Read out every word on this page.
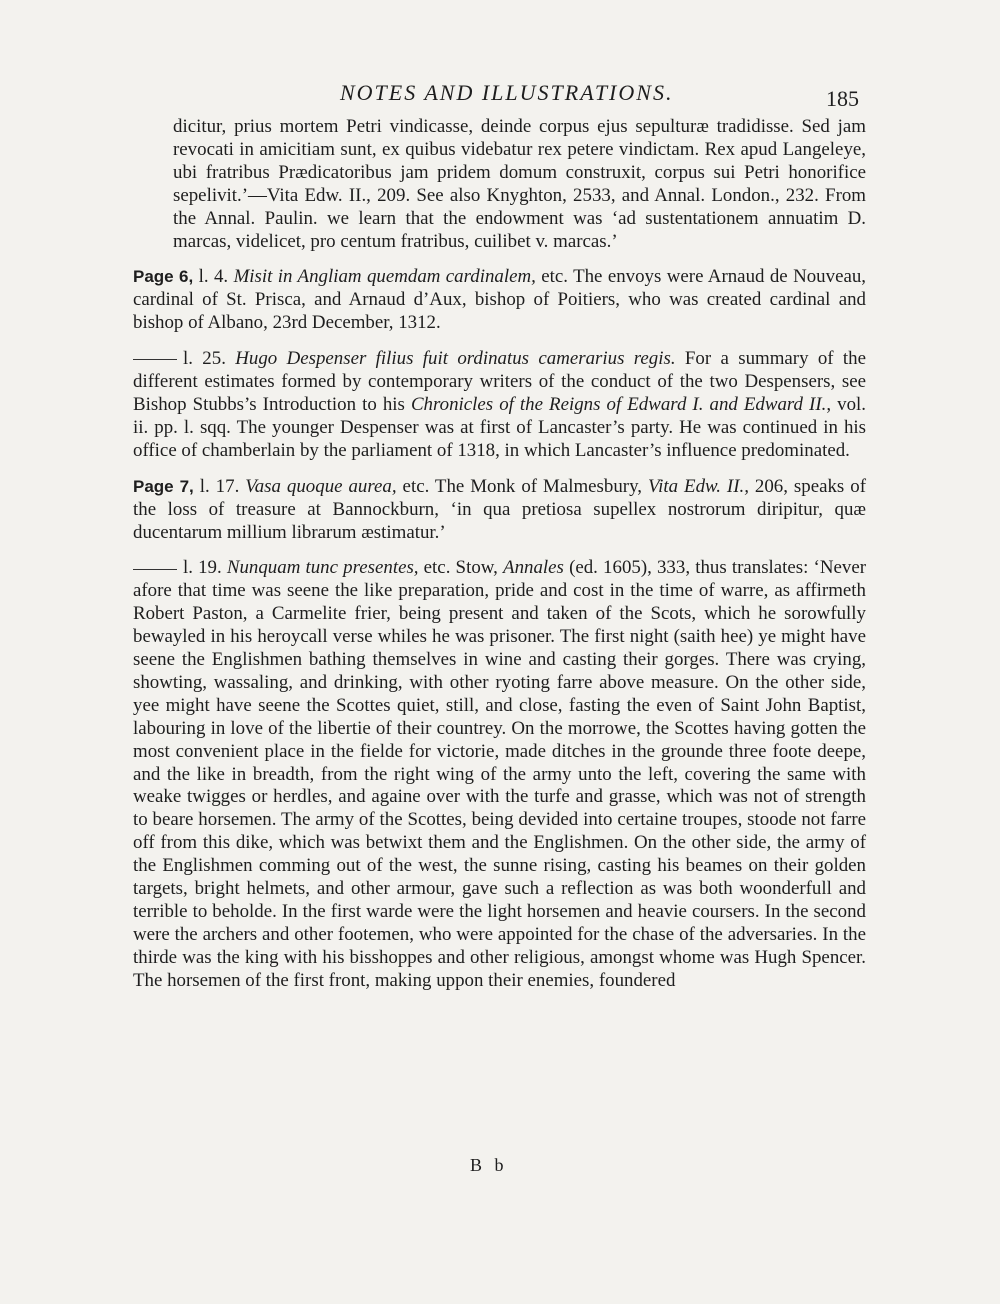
NOTES AND ILLUSTRATIONS.	185

dicitur, prius mortem Petri vindicasse, deinde corpus ejus sepulturæ tradidisse. Sed jam revocati in amicitiam sunt, ex quibus videbatur rex petere vindictam. Rex apud Langeleye, ubi fratribus Prædicatoribus jam pridem domum construxit, corpus sui Petri honorifice sepelivit.’—Vita Edw. II., 209. See also Knyghton, 2533, and Annal. London., 232. From the Annal. Paulin. we learn that the endowment was ‘ad sustentationem annuatim D. marcas, videlicet, pro centum fratribus, cuilibet v. marcas.’

Page 6, l. 4. Misit in Angliam quemdam cardinalem, etc. The envoys were Arnaud de Nouveau, cardinal of St. Prisca, and Arnaud d’Aux, bishop of Poitiers, who was created cardinal and bishop of Albano, 23rd December, 1312.

l. 25. Hugo Despenser filius fuit ordinatus camerarius regis. For a summary of the different estimates formed by contemporary writers of the conduct of the two Despensers, see Bishop Stubbs’s Introduction to his Chronicles of the Reigns of Edward I. and Edward II., vol. ii. pp. l. sqq. The younger Despenser was at first of Lancaster’s party. He was continued in his office of chamberlain by the parliament of 1318, in which Lancaster’s influence predominated.

Page 7, l. 17. Vasa quoque aurea, etc. The Monk of Malmesbury, Vita Edw. II., 206, speaks of the loss of treasure at Bannockburn, ‘in qua pretiosa supellex nostrorum diripitur, quæ ducentarum millium librarum æstimatur.’

l. 19. Nunquam tunc presentes, etc. Stow, Annales (ed. 1605), 333, thus translates: ‘Never afore that time was seene the like preparation, pride and cost in the time of warre, as affirmeth Robert Paston, a Carmelite frier, being present and taken of the Scots, which he sorowfully bewayled in his heroycall verse whiles he was prisoner. The first night (saith hee) ye might have seene the Englishmen bathing themselves in wine and casting their gorges. There was crying, showting, wassaling, and drinking, with other ryoting farre above measure. On the other side, yee might have seene the Scottes quiet, still, and close, fasting the even of Saint John Baptist, labouring in love of the libertie of their countrey. On the morrowe, the Scottes having gotten the most convenient place in the fielde for victorie, made ditches in the grounde three foote deepe, and the like in breadth, from the right wing of the army unto the left, covering the same with weake twigges or herdles, and againe over with the turfe and grasse, which was not of strength to beare horsemen. The army of the Scottes, being devided into certaine troupes, stoode not farre off from this dike, which was betwixt them and the Englishmen. On the other side, the army of the Englishmen comming out of the west, the sunne rising, casting his beames on their golden targets, bright helmets, and other armour, gave such a reflection as was both woonderfull and terrible to beholde. In the first warde were the light horsemen and heavie coursers. In the second were the archers and other footemen, who were appointed for the chase of the adversaries. In the thirde was the king with his bisshoppes and other religious, amongst whome was Hugh Spencer. The horsemen of the first front, making uppon their enemies, foundered

B b
